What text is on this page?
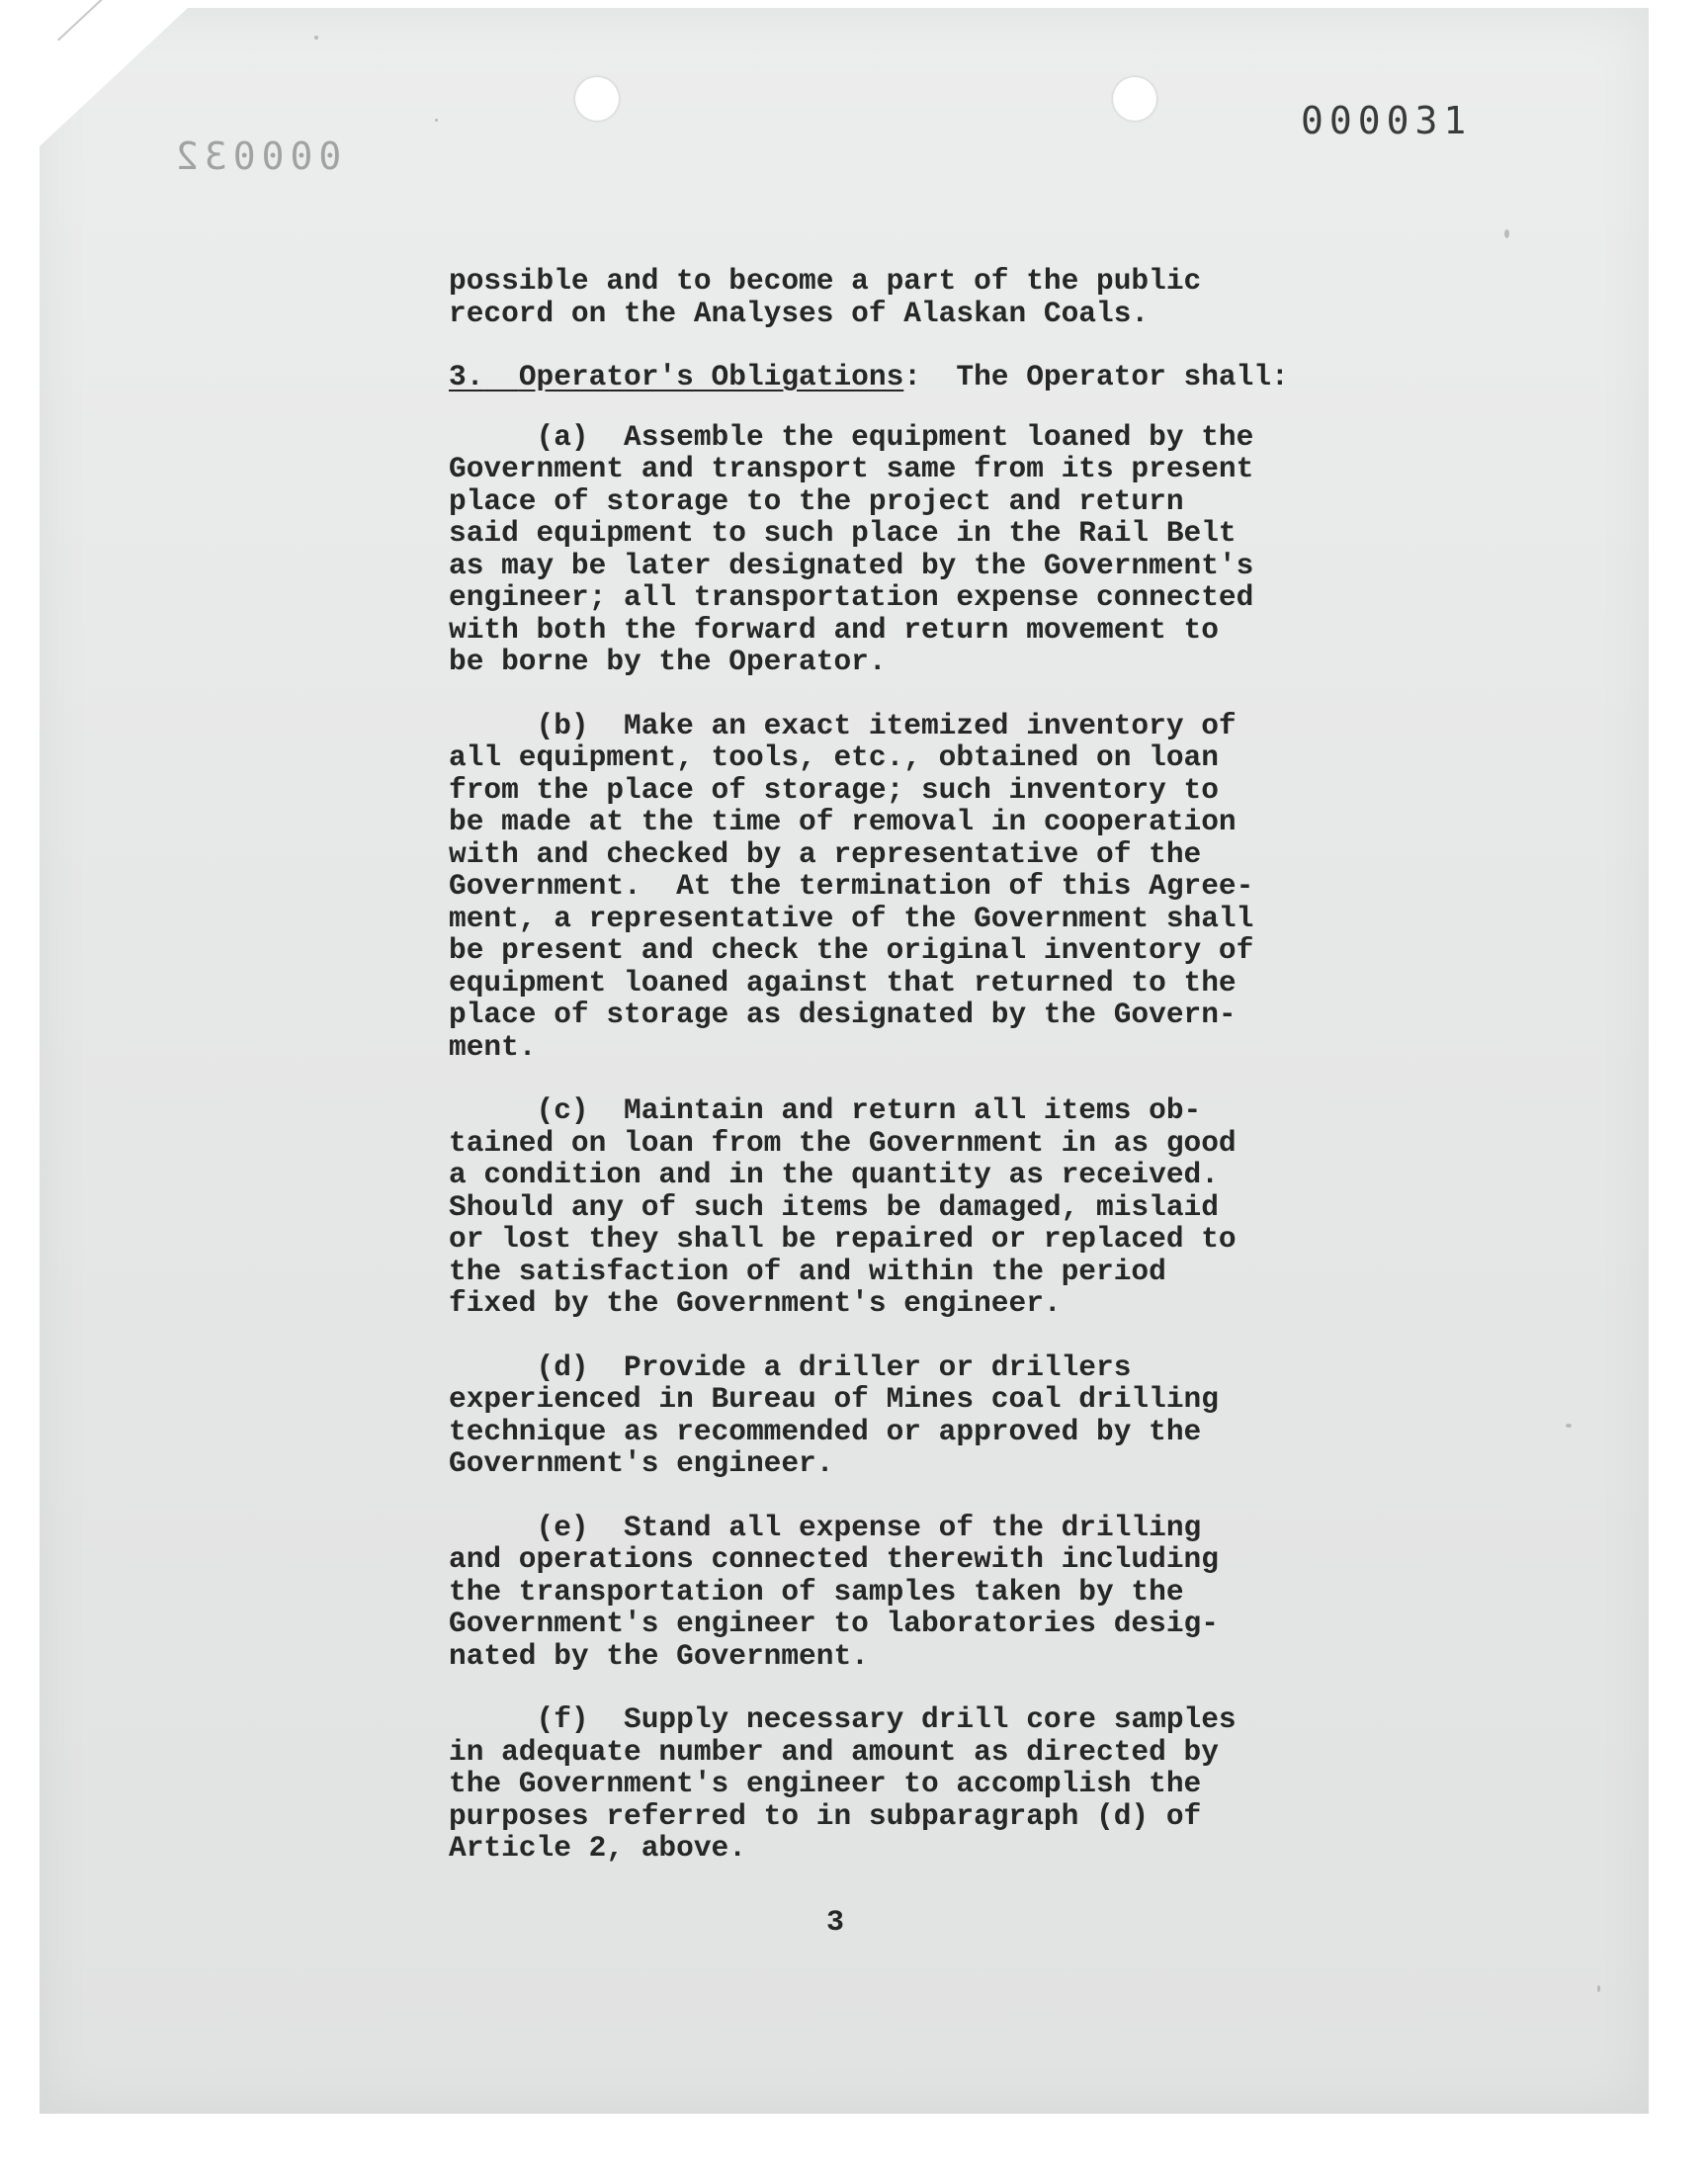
000031
000032
possible and to become a part of the public
record on the Analyses of Alaskan Coals.
3. Operator's Obligations:  The Operator shall:
(a)  Assemble the equipment loaned by the
Government and transport same from its present
place of storage to the project and return
said equipment to such place in the Rail Belt
as may be later designated by the Government's
engineer; all transportation expense connected
with both the forward and return movement to
be borne by the Operator.
(b)  Make an exact itemized inventory of
all equipment, tools, etc., obtained on loan
from the place of storage; such inventory to
be made at the time of removal in cooperation
with and checked by a representative of the
Government.  At the termination of this Agree-
ment, a representative of the Government shall
be present and check the original inventory of
equipment loaned against that returned to the
place of storage as designated by the Govern-
ment.
(c)  Maintain and return all items ob-
tained on loan from the Government in as good
a condition and in the quantity as received.
Should any of such items be damaged, mislaid
or lost they shall be repaired or replaced to
the satisfaction of and within the period
fixed by the Government's engineer.
(d)  Provide a driller or drillers
experienced in Bureau of Mines coal drilling
technique as recommended or approved by the
Government's engineer.
(e)  Stand all expense of the drilling
and operations connected therewith including
the transportation of samples taken by the
Government's engineer to laboratories desig-
nated by the Government.
(f)  Supply necessary drill core samples
in adequate number and amount as directed by
the Government's engineer to accomplish the
purposes referred to in subparagraph (d) of
Article 2, above.
3
